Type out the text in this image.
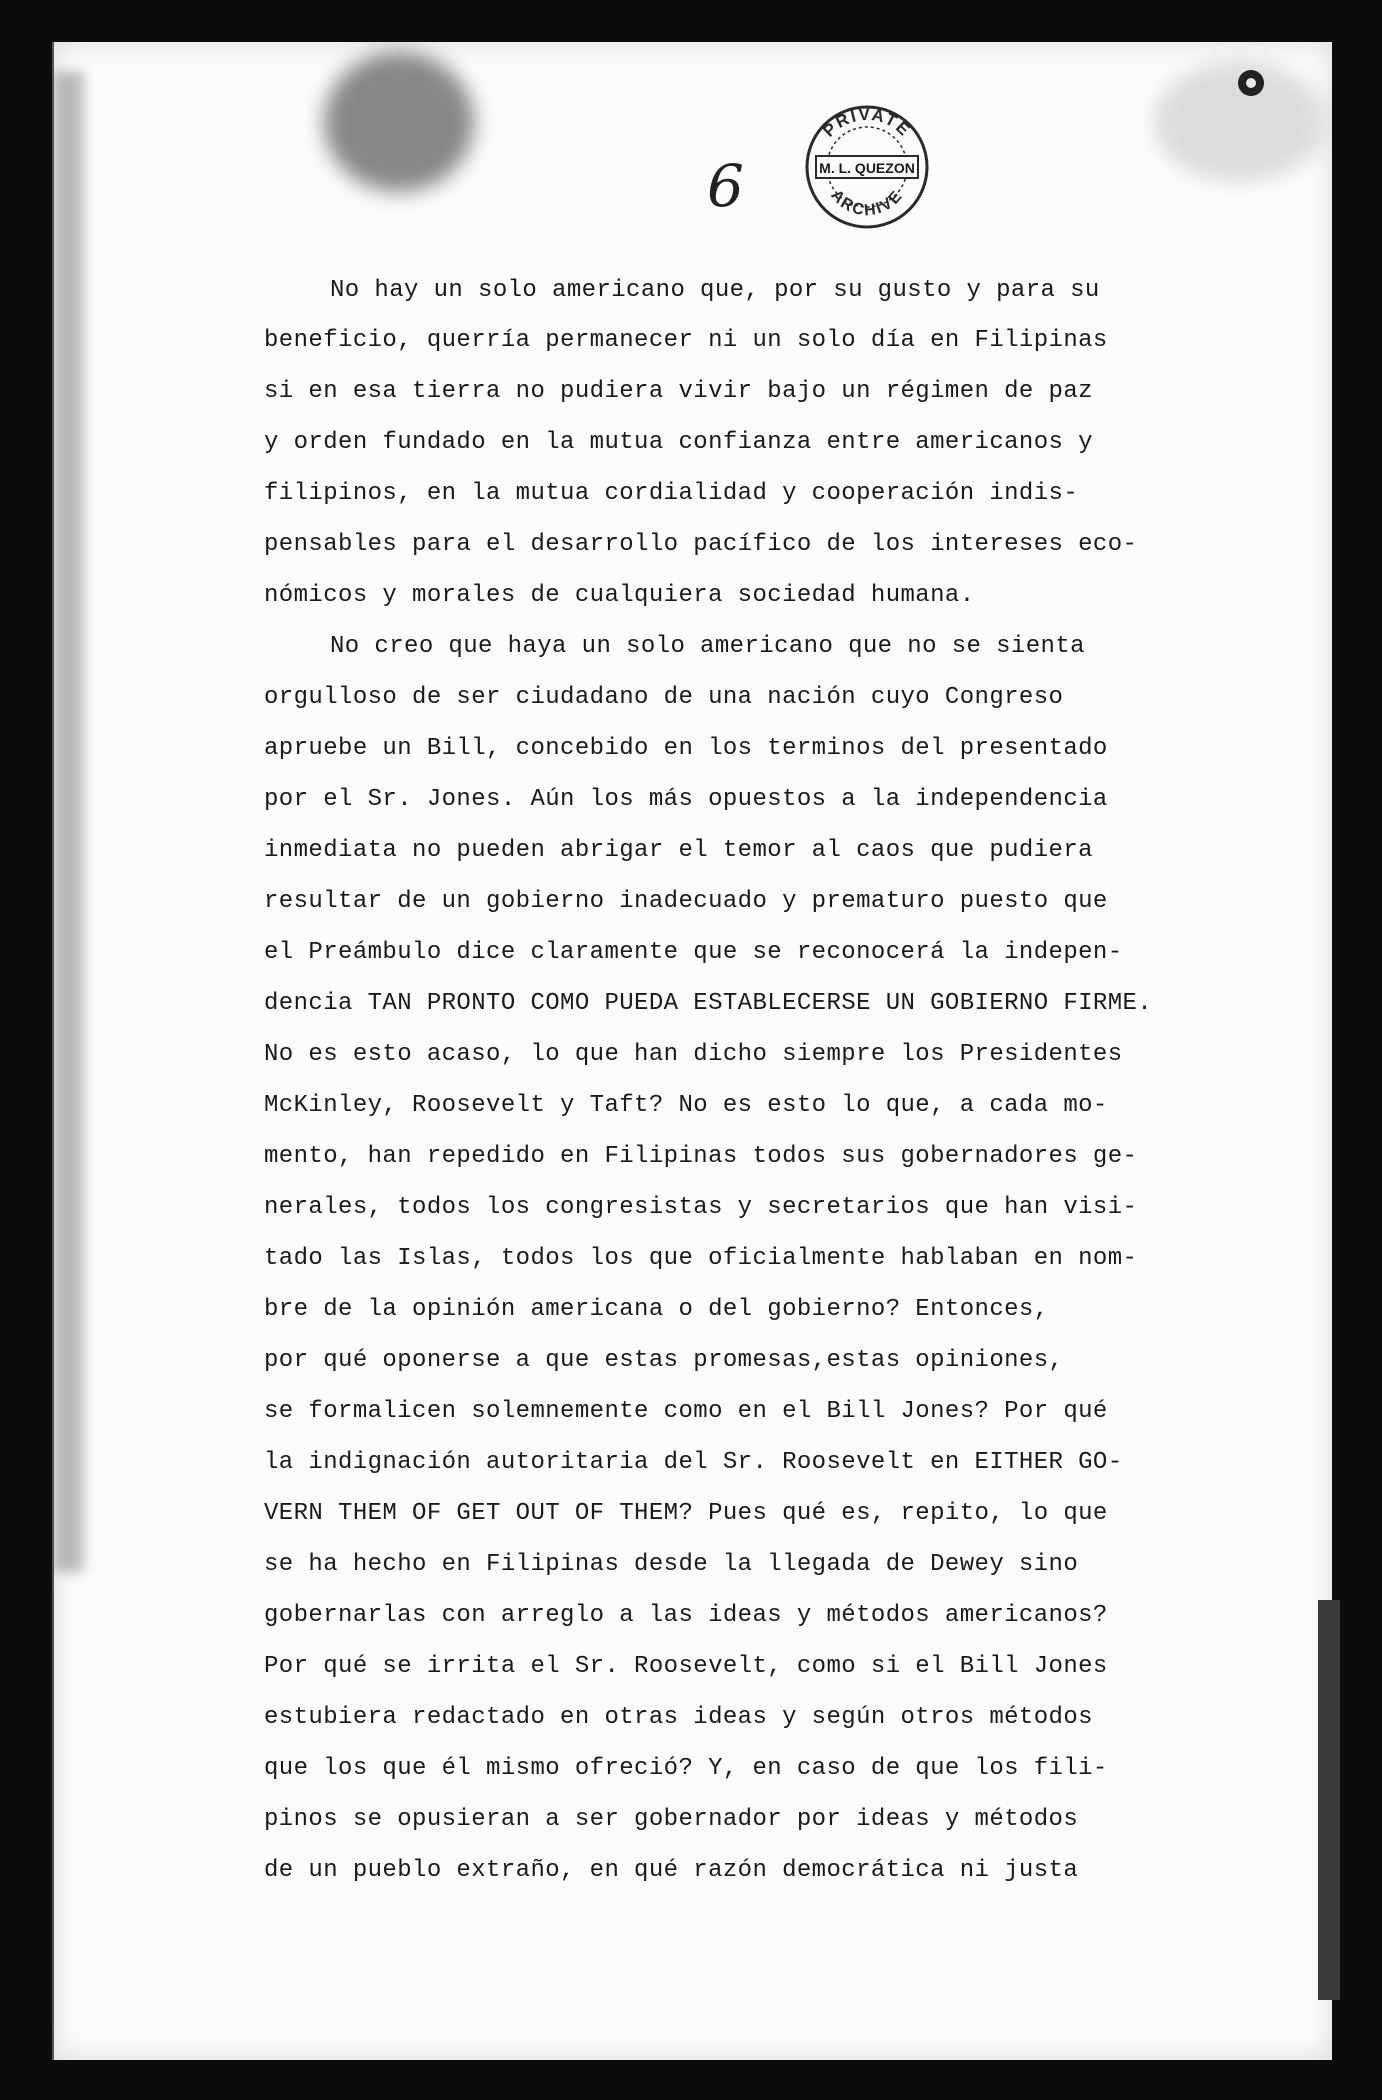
PRIVATE
M. L. QUEZON
ARCHIVE
6
No hay un solo americano que, por su gusto y para su
beneficio, querría permanecer ni un solo día en Filipinas
si en esa tierra no pudiera vivir bajo un régimen de paz
y orden fundado en la mutua confianza entre americanos y
filipinos, en la mutua cordialidad y cooperación indis-
pensables para el desarrollo pacífico de los intereses eco-
nómicos y morales de cualquiera sociedad humana.
No creo que haya un solo americano que no se sienta
orgulloso de ser ciudadano de una nación cuyo Congreso
apruebe un Bill, concebido en los terminos del presentado
por el Sr. Jones. Aún los más opuestos a la independencia
inmediata no pueden abrigar el temor al caos que pudiera
resultar de un gobierno inadecuado y prematuro puesto que
el Preámbulo dice claramente que se reconocerá la indepen-
dencia TAN PRONTO COMO PUEDA ESTABLECERSE UN GOBIERNO FIRME.
No es esto acaso, lo que han dicho siempre los Presidentes
McKinley, Roosevelt y Taft? No es esto lo que, a cada mo-
mento, han repedido en Filipinas todos sus gobernadores ge-
nerales, todos los congresistas y secretarios que han visi-
tado las Islas, todos los que oficialmente hablaban en nom-
bre de la opinión americana o del gobierno? Entonces,
por qué oponerse a que estas promesas,estas opiniones,
se formalicen solemnemente como en el Bill Jones? Por qué
la indignación autoritaria del Sr. Roosevelt en EITHER GO-
VERN THEM OF GET OUT OF THEM? Pues qué es, repito, lo que
se ha hecho en Filipinas desde la llegada de Dewey sino
gobernarlas con arreglo a las ideas y métodos americanos?
Por qué se irrita el Sr. Roosevelt, como si el Bill Jones
estubiera redactado en otras ideas y según otros métodos
que los que él mismo ofreció? Y, en caso de que los fili-
pinos se opusieran a ser gobernador por ideas y métodos
de un pueblo extraño, en qué razón democrática ni justa
